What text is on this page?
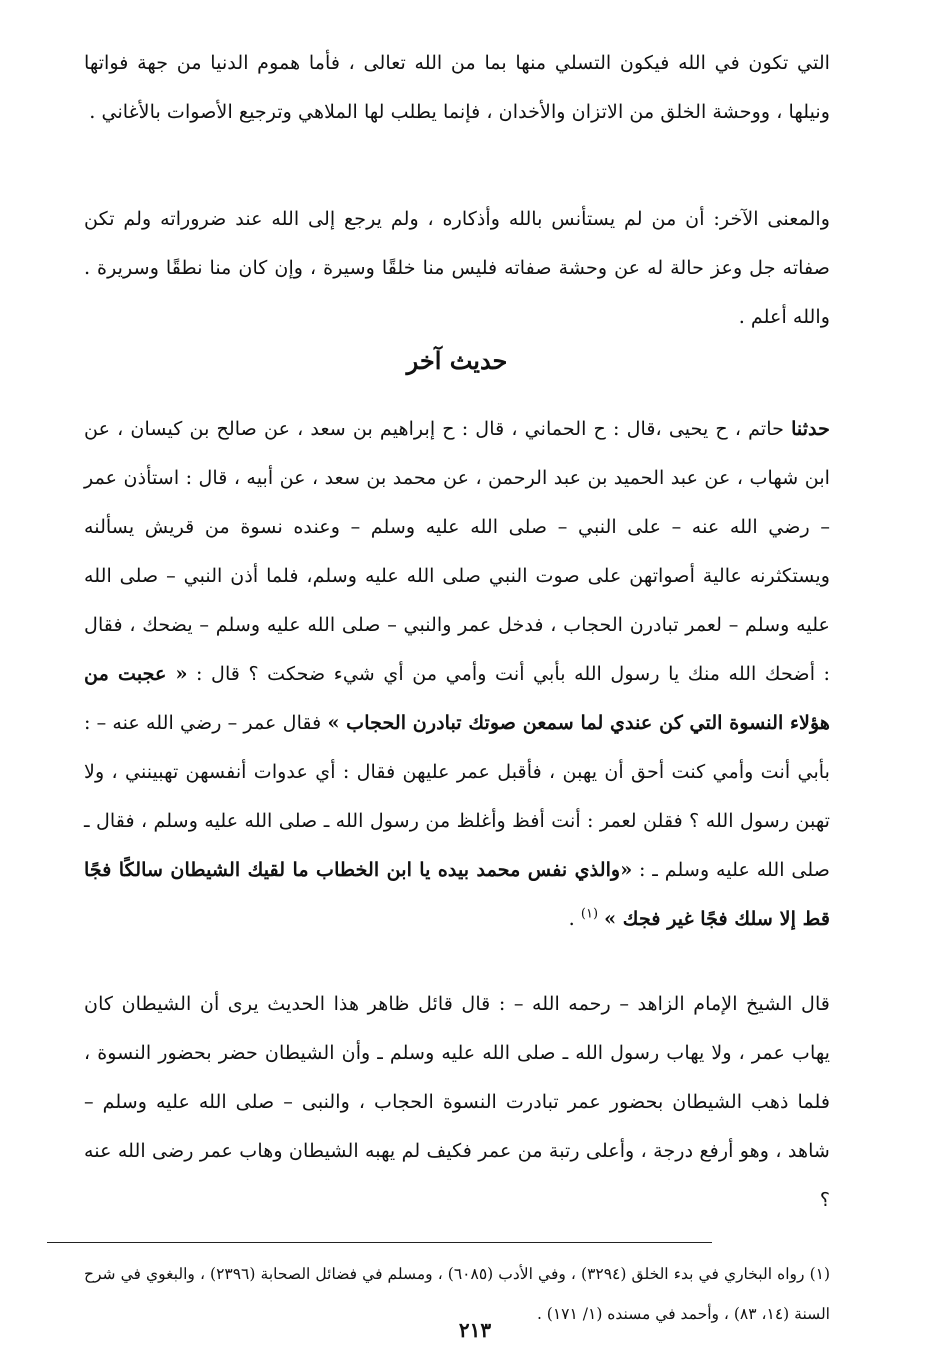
التي تكون في الله فيكون التسلي منها بما من الله تعالى ، فأما هموم الدنيا من جهة فواتها ونيلها ، ووحشة الخلق من الاتزان والأخدان ، فإنما يطلب لها الملاهي وترجيع الأصوات بالأغاني .

والمعنى الآخر: أن من لم يستأنس بالله وأذكاره ، ولم يرجع إلى الله عند ضروراته ولم تكن صفاته جل وعز حالة له عن وحشة صفاته فليس منا خلقًا وسيرة ، وإن كان منا نطقًا وسريرة . والله أعلم .

حديث آخر

حدثنا حاتم ، ح يحيى ،قال : ح الحماني ، قال : ح إبراهيم بن سعد ، عن صالح بن كيسان ، عن ابن شهاب ، عن عبد الحميد بن عبد الرحمن ، عن محمد بن سعد ، عن أبيه ، قال : استأذن عمر – رضي الله عنه – على النبي – صلى الله عليه وسلم – وعنده نسوة من قريش يسألنه ويستكثرنه عالية أصواتهن على صوت النبي صلى الله عليه وسلم، فلما أذن النبي – صلى الله عليه وسلم – لعمر تبادرن الحجاب ، فدخل عمر والنبي – صلى الله عليه وسلم – يضحك ، فقال : أضحك الله منك يا رسول الله بأبي أنت وأمي من أي شيء ضحكت ؟ قال : « عجبت من هؤلاء النسوة التي كن عندي لما سمعن صوتك تبادرن الحجاب » فقال عمر – رضي الله عنه – : بأبي أنت وأمي كنت أحق أن يهبن ، فأقبل عمر عليهن فقال : أي عدوات أنفسهن تهبينني ، ولا تهبن رسول الله ؟ فقلن لعمر : أنت أفظ وأغلظ من رسول الله ـ صلى الله عليه وسلم ، فقال ـ صلى الله عليه وسلم ـ : «والذي نفس محمد بيده يا ابن الخطاب ما لقيك الشيطان سالكًا فجًا قط إلا سلك فجًا غير فجك » $^{(١)}$ .

قال الشيخ الإمام الزاهد – رحمه الله – : قال قائل ظاهر هذا الحديث يرى أن الشيطان كان يهاب عمر ، ولا يهاب رسول الله ـ صلى الله عليه وسلم ـ وأن الشيطان حضر بحضور النسوة ، فلما ذهب الشيطان بحضور عمر تبادرت النسوة الحجاب ، والنبى – صلى الله عليه وسلم – شاهد ، وهو أرفع درجة ، وأعلى رتبة من عمر فكيف لم يهبه الشيطان وهاب عمر رضى الله عنه ؟

(١) رواه البخاري في بدء الخلق (٣٢٩٤) ، وفي الأدب (٦٠٨٥) ، ومسلم في فضائل الصحابة (٢٣٩٦) ، والبغوي في شرح السنة (١٤، ٨٣) ، وأحمد في مسنده (١/ ١٧١) .

٢١٣
